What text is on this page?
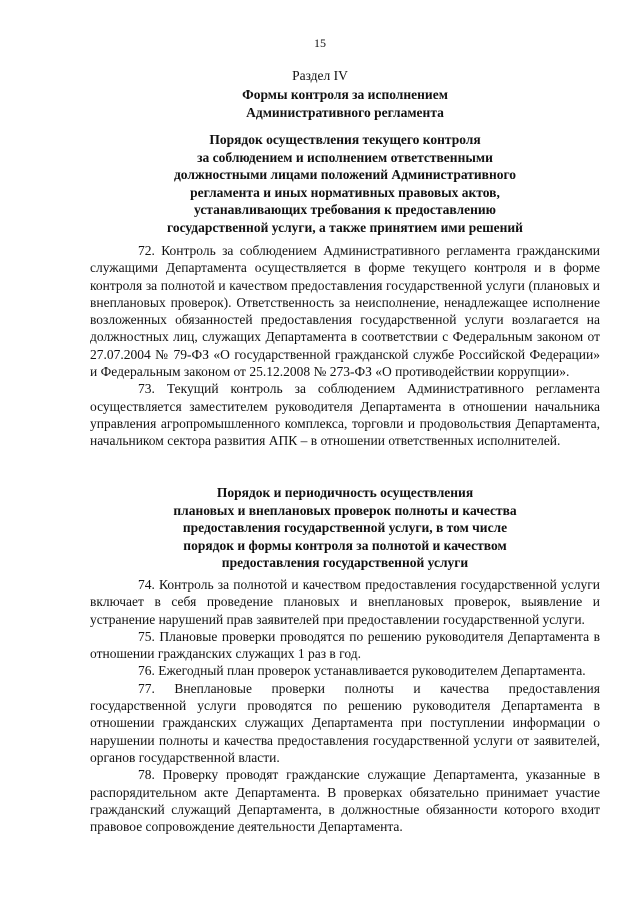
15
Раздел IV
Формы контроля за исполнением
Административного регламента
Порядок осуществления текущего контроля
за соблюдением и исполнением ответственными
должностными лицами положений Административного
регламента и иных нормативных правовых актов,
устанавливающих требования к предоставлению
государственной услуги, а также принятием ими решений

72. Контроль за соблюдением Административного регламента гражданскими служащими Департамента осуществляется в форме текущего контроля и в форме контроля за полнотой и качеством предоставления государственной услуги (плановых и внеплановых проверок). Ответственность за неисполнение, ненадлежащее исполнение возложенных обязанностей предоставления государственной услуги возлагается на должностных лиц, служащих Департамента в соответствии с Федеральным законом от 27.07.2004 № 79-ФЗ «О государственной гражданской службе Российской Федерации» и Федеральным законом от 25.12.2008 № 273-ФЗ «О противодействии коррупции».

73. Текущий контроль за соблюдением Административного регламента осуществляется заместителем руководителя Департамента в отношении начальника управления агропромышленного комплекса, торговли и продовольствия Департамента, начальником сектора развития АПК – в отношении ответственных исполнителей.

Порядок и периодичность осуществления
плановых и внеплановых проверок полноты и качества
предоставления государственной услуги, в том числе
порядок и формы контроля за полнотой и качеством
предоставления государственной услуги

74. Контроль за полнотой и качеством предоставления государственной услуги включает в себя проведение плановых и внеплановых проверок, выявление и устранение нарушений прав заявителей при предоставлении государственной услуги.

75. Плановые проверки проводятся по решению руководителя Департамента в отношении гражданских служащих 1 раз в год.

76. Ежегодный план проверок устанавливается руководителем Департамента.

77. Внеплановые проверки полноты и качества предоставления государственной услуги проводятся по решению руководителя Департамента в отношении гражданских служащих Департамента при поступлении информации о нарушении полноты и качества предоставления государственной услуги от заявителей, органов государственной власти.

78. Проверку проводят гражданские служащие Департамента, указанные в распорядительном акте Департамента. В проверках обязательно принимает участие гражданский служащий Департамента, в должностные обязанности которого входит правовое сопровождение деятельности Департамента.
